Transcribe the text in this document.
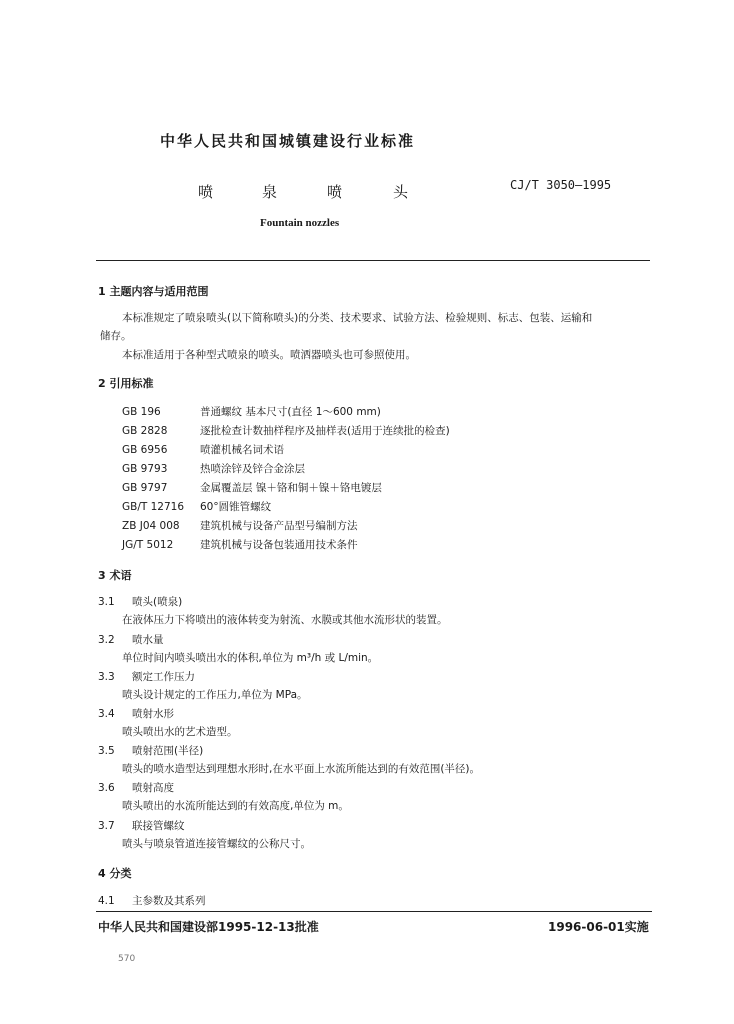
中华人民共和国城镇建设行业标准
喷	泉	喷	头	CJ/T 3050—1995
Fountain nozzles
1 主题内容与适用范围
本标准规定了喷泉喷头(以下简称喷头)的分类、技术要求、试验方法、检验规则、标志、包装、运输和
储存。
本标准适用于各种型式喷泉的喷头。喷洒器喷头也可参照使用。
2 引用标准
GB 196	普通螺纹 基本尺寸(直径 1～600 mm)
GB 2828	逐批检查计数抽样程序及抽样表(适用于连续批的检查)
GB 6956	喷灌机械名词术语
GB 9793	热喷涂锌及锌合金涂层
GB 9797	金属覆盖层 镍＋铬和铜＋镍＋铬电镀层
GB/T 12716 60°圆锥管螺纹
ZB J04 008 建筑机械与设备产品型号编制方法
JG/T 5012	建筑机械与设备包装通用技术条件
3 术语
3.1 喷头(喷泉)
在液体压力下将喷出的液体转变为射流、水膜或其他水流形状的装置。
3.2 喷水量
单位时间内喷头喷出水的体积,单位为 m³/h 或 L/min。
3.3 额定工作压力
喷头设计规定的工作压力,单位为 MPa。
3.4 喷射水形
喷头喷出水的艺术造型。
3.5 喷射范围(半径)
喷头的喷水造型达到理想水形时,在水平面上水流所能达到的有效范围(半径)。
3.6 喷射高度
喷头喷出的水流所能达到的有效高度,单位为 m。
3.7 联接管螺纹
喷头与喷泉管道连接管螺纹的公称尺寸。
4 分类
4.1 主参数及其系列
中华人民共和国建设部1995-12-13批准	1996-06-01实施
570
